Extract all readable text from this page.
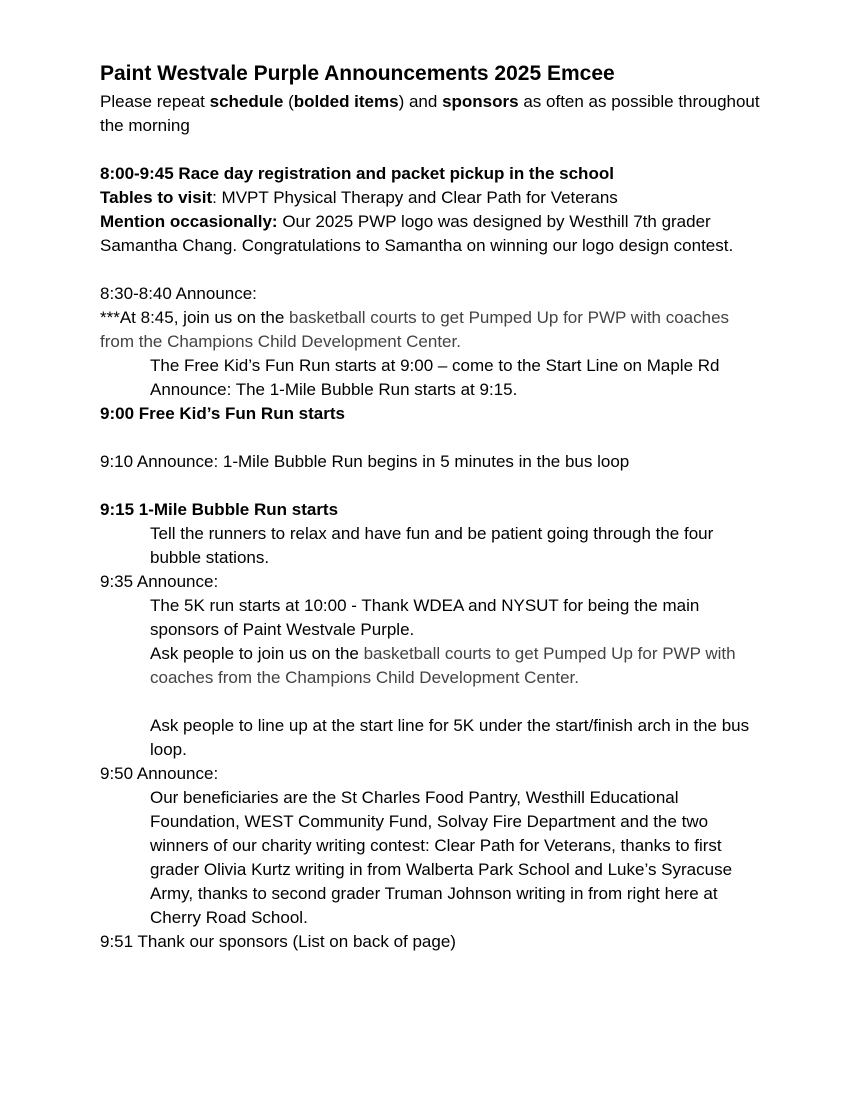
Paint Westvale Purple Announcements 2025 Emcee

Please repeat schedule (bolded items) and sponsors as often as possible throughout the morning

8:00-9:45 Race day registration and packet pickup in the school

Tables to visit: MVPT Physical Therapy and Clear Path for Veterans

Mention occasionally: Our 2025 PWP logo was designed by Westhill 7th grader Samantha Chang. Congratulations to Samantha on winning our logo design contest.

8:30-8:40 Announce:

***At 8:45, join us on the basketball courts to get Pumped Up for PWP with coaches from the Champions Child Development Center.

The Free Kid’s Fun Run starts at 9:00 – come to the Start Line on Maple Rd

Announce: The 1-Mile Bubble Run starts at 9:15.

9:00 Free Kid’s Fun Run starts

9:10 Announce: 1-Mile Bubble Run begins in 5 minutes in the bus loop

9:15 1-Mile Bubble Run starts

Tell the runners to relax and have fun and be patient going through the four bubble stations.

9:35 Announce:

The 5K run starts at 10:00 - Thank WDEA and NYSUT for being the main sponsors of Paint Westvale Purple.

Ask people to join us on the basketball courts to get Pumped Up for PWP with coaches from the Champions Child Development Center.

Ask people to line up at the start line for 5K under the start/finish arch in the bus loop.

9:50 Announce:

Our beneficiaries are the St Charles Food Pantry, Westhill Educational Foundation, WEST Community Fund, Solvay Fire Department and the two winners of our charity writing contest: Clear Path for Veterans, thanks to first grader Olivia Kurtz writing in from Walberta Park School and Luke’s Syracuse Army, thanks to second grader Truman Johnson writing in from right here at Cherry Road School.

9:51 Thank our sponsors (List on back of page)
